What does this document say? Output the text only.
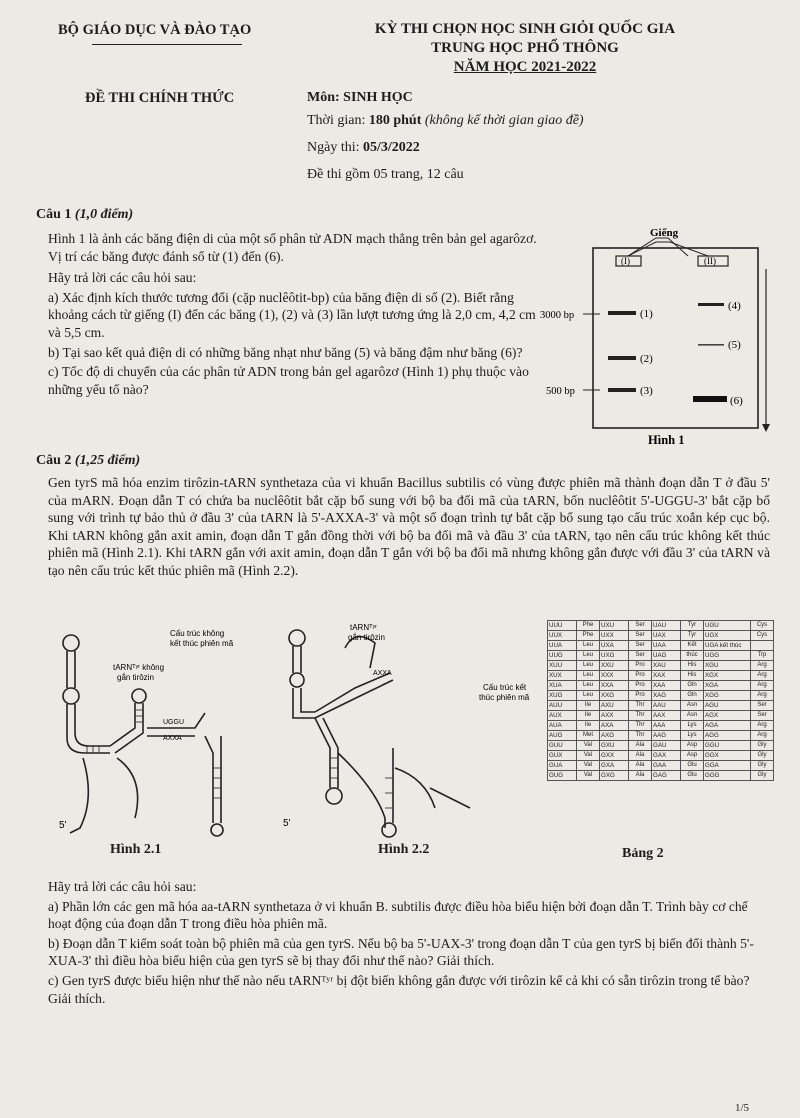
BỘ GIÁO DỤC VÀ ĐÀO TẠO	KỲ THI CHỌN HỌC SINH GIỎI QUỐC GIA
TRUNG HỌC PHỔ THÔNG
NĂM HỌC 2021-2022
ĐỀ THI CHÍNH THỨC	Môn: SINH HỌC
Thời gian: 180 phút (không kể thời gian giao đề)
Ngày thi: 05/3/2022
Đề thi gồm 05 trang, 12 câu
Câu 1 (1,0 điểm)

Hình 1 là ảnh các băng điện di của một số phân tử ADN mạch thẳng trên bản gel agarôzơ. Vị trí các băng được đánh số từ (1) đến (6).

Hãy trả lời các câu hỏi sau:

a) Xác định kích thước tương đối (cặp nuclêôtit-bp) của băng điện di số (2). Biết rằng khoảng cách từ giếng (I) đến các băng (1), (2) và (3) lần lượt tương ứng là 2,0 cm, 4,2 cm và 5,5 cm.

b) Tại sao kết quả điện di có những băng nhạt như băng (5) và băng đậm như băng (6)?

c) Tốc độ di chuyển của các phân tử ADN trong bản gel agarôzơ (Hình 1) phụ thuộc vào những yếu tố nào?

Giếng
(I)	(II)
3000 bp
500 bp
(1)
(2)
(3)
(4)
(5)
(6)
Hình 1
Câu 2 (1,25 điểm)

Gen tyrS mã hóa enzim tirôzin-tARN synthetaza của vi khuẩn Bacillus subtilis có vùng được phiên mã thành đoạn dẫn T ở đầu 5' của mARN. Đoạn dẫn T có chứa ba nuclêôtit bắt cặp bổ sung với bộ ba đối mã của tARN, bốn nuclêôtit 5'-UGGU-3' bắt cặp bổ sung với trình tự bảo thủ ở đầu 3' của tARN là 5'-AXXA-3' và một số đoạn trình tự bắt cặp bổ sung tạo cấu trúc xoắn kép cục bộ. Khi tARN không gắn axit amin, đoạn dẫn T gắn đồng thời với bộ ba đối mã và đầu 3' của tARN, tạo nên cấu trúc không kết thúc phiên mã (Hình 2.1). Khi tARN gắn với axit amin, đoạn dẫn T gắn với bộ ba đối mã nhưng không gắn được với đầu 3' của tARN và tạo nên cấu trúc kết thúc phiên mã (Hình 2.2).

5'
UGGU
AXXA
Cấu trúc không
kết thúc phiên mã
tARNᵀʸʳ không
gắn tirôzin
Hình 2.1
5'
AXXA
tARNᵀʸʳ
gắn tirôzin
Cấu trúc kết
thúc phiên mã
Hình 2.2
UUU	Phe	UXU	Ser	UAU	Tyr	UGU	Cys
UUX	Phe	UXX	Ser	UAX	Tyr	UGX	Cys
UUA	Leu	UXA	Ser	UAA	Kết	UGA kết thúc	
UUG	Leu	UXG	Ser	UAG	thúc	UGG	Trp
XUU	Leu	XXU	Pro	XAU	His	XGU	Arg
XUX	Leu	XXX	Pro	XAX	His	XGX	Arg
XUA	Leu	XXA	Pro	XAA	Gln	XGA	Arg
XUG	Leu	XXG	Pro	XAG	Gln	XGG	Arg
AUU	Ile	AXU	Thr	AAU	Asn	AGU	Ser
AUX	Ile	AXX	Thr	AAX	Asn	AGX	Ser
AUA	Ile	AXA	Thr	AAA	Lys	AGA	Arg
AUG	Met	AXG	Thr	AAG	Lys	AGG	Arg
GUU	Val	GXU	Ala	GAU	Asp	GGU	Gly
GUX	Val	GXX	Ala	GAX	Asp	GGX	Gly
GUA	Val	GXA	Ala	GAA	Glu	GGA	Gly
GUG	Val	GXG	Ala	GAG	Glu	GGG	Gly
Bảng 2

Hãy trả lời các câu hỏi sau:

a) Phần lớn các gen mã hóa aa-tARN synthetaza ở vi khuẩn B. subtilis được điều hòa biểu hiện bởi đoạn dẫn T. Trình bày cơ chế hoạt động của đoạn dẫn T trong điều hòa phiên mã.

b) Đoạn dẫn T kiểm soát toàn bộ phiên mã của gen tyrS. Nếu bộ ba 5'-UAX-3' trong đoạn dẫn T của gen tyrS bị biến đổi thành 5'-XUA-3' thì điều hòa biểu hiện của gen tyrS sẽ bị thay đổi như thế nào? Giải thích.

c) Gen tyrS được biểu hiện như thế nào nếu tARNᵀʸʳ bị đột biến không gắn được với tirôzin kể cả khi có sẵn tirôzin trong tế bào? Giải thích.

1/5
